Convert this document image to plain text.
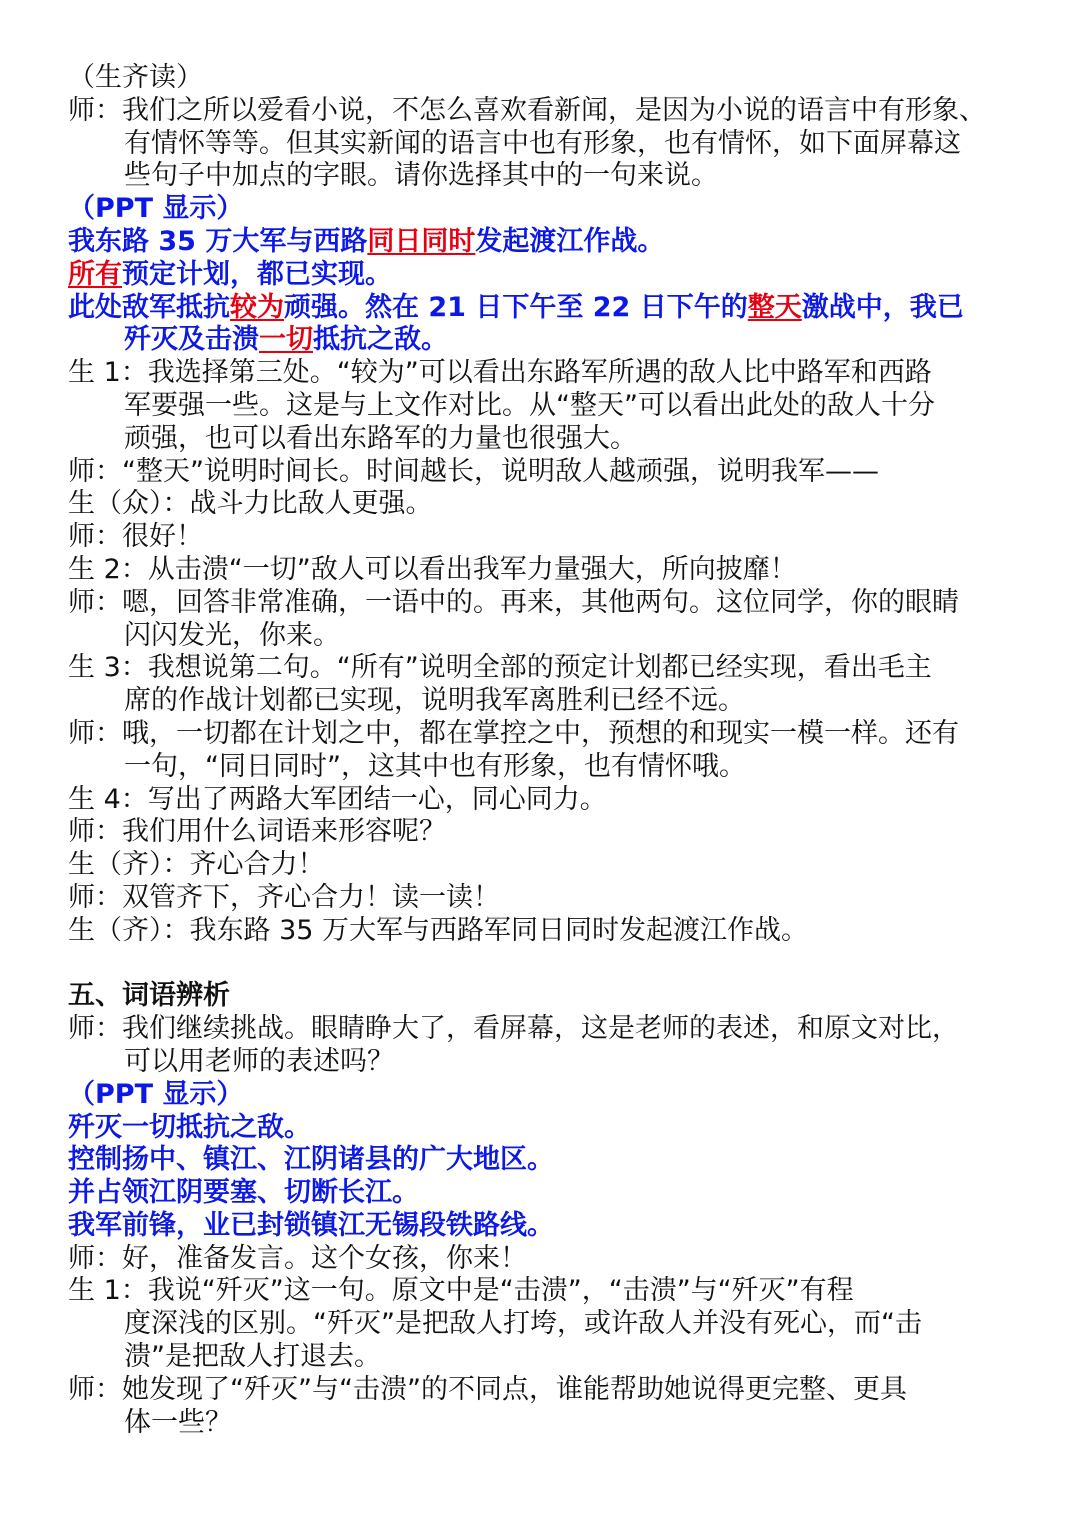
（生齐读）
师：我们之所以爱看小说，不怎么喜欢看新闻，是因为小说的语言中有形象、
有情怀等等。但其实新闻的语言中也有形象，也有情怀，如下面屏幕这
些句子中加点的字眼。请你选择其中的一句来说。
（PPT 显示）
我东路 35 万大军与西路同日同时发起渡江作战。
所有预定计划，都已实现。
此处敌军抵抗较为顽强。然在 21 日下午至 22 日下午的整天激战中，我已
歼灭及击溃一切抵抗之敌。
生 1：我选择第三处。“较为”可以看出东路军所遇的敌人比中路军和西路
军要强一些。这是与上文作对比。从“整天”可以看出此处的敌人十分
顽强，也可以看出东路军的力量也很强大。
师：“整天”说明时间长。时间越长，说明敌人越顽强，说明我军——
生（众）：战斗力比敌人更强。
师：很好！
生 2：从击溃“一切”敌人可以看出我军力量强大，所向披靡！
师：嗯，回答非常准确，一语中的。再来，其他两句。这位同学，你的眼睛
闪闪发光，你来。
生 3：我想说第二句。“所有”说明全部的预定计划都已经实现，看出毛主
席的作战计划都已实现，说明我军离胜利已经不远。
师：哦，一切都在计划之中，都在掌控之中，预想的和现实一模一样。还有
一句，“同日同时”，这其中也有形象，也有情怀哦。
生 4：写出了两路大军团结一心，同心同力。
师：我们用什么词语来形容呢？
生（齐）：齐心合力！
师：双管齐下，齐心合力！读一读！
生（齐）：我东路 35 万大军与西路军同日同时发起渡江作战。
五、词语辨析
师：我们继续挑战。眼睛睁大了，看屏幕，这是老师的表述，和原文对比，
可以用老师的表述吗？
（PPT 显示）
歼灭一切抵抗之敌。
控制扬中、镇江、江阴诸县的广大地区。
并占领江阴要塞、切断长江。
我军前锋，业已封锁镇江无锡段铁路线。
师：好，准备发言。这个女孩，你来！
生 1：我说“歼灭”这一句。原文中是“击溃”，“击溃”与“歼灭”有程
度深浅的区别。“歼灭”是把敌人打垮，或许敌人并没有死心，而“击
溃”是把敌人打退去。
师：她发现了“歼灭”与“击溃”的不同点，谁能帮助她说得更完整、更具
体一些？
